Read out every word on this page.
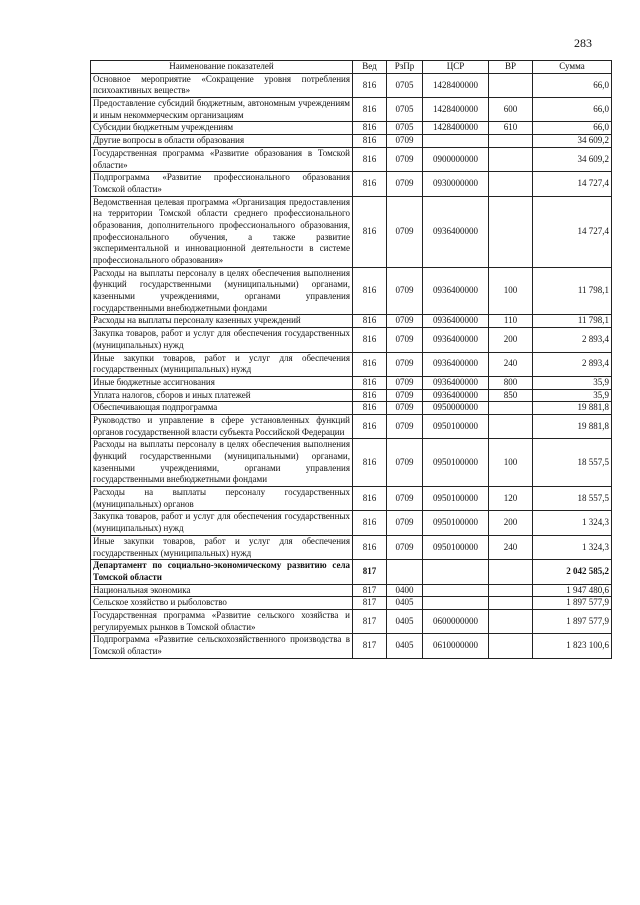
283
Наименование показателей	Вед	РзПр	ЦСР	ВР	Сумма
Основное мероприятие «Сокращение уровня потребления психоактивных веществ»	816	0705	1428400000		66,0
Предоставление субсидий бюджетным, автономным учреждениям и иным некоммерческим организациям	816	0705	1428400000	600	66,0
Субсидии бюджетным учреждениям	816	0705	1428400000	610	66,0
Другие вопросы в области образования	816	0709			34 609,2
Государственная программа «Развитие образования в Томской области»	816	0709	0900000000		34 609,2
Подпрограмма «Развитие профессионального образования Томской области»	816	0709	0930000000		14 727,4
Ведомственная целевая программа «Организация предоставления на территории Томской области среднего профессионального образования, дополнительного профессионального образования, профессионального обучения, а также развитие экспериментальной и инновационной деятельности в системе профессионального образования»	816	0709	0936400000		14 727,4
Расходы на выплаты персоналу в целях обеспечения выполнения функций государственными (муниципальными) органами, казенными учреждениями, органами управления государственными внебюджетными фондами	816	0709	0936400000	100	11 798,1
Расходы на выплаты персоналу казенных учреждений	816	0709	0936400000	110	11 798,1
Закупка товаров, работ и услуг для обеспечения государственных (муниципальных) нужд	816	0709	0936400000	200	2 893,4
Иные закупки товаров, работ и услуг для обеспечения государственных (муниципальных) нужд	816	0709	0936400000	240	2 893,4
Иные бюджетные ассигнования	816	0709	0936400000	800	35,9
Уплата налогов, сборов и иных платежей	816	0709	0936400000	850	35,9
Обеспечивающая подпрограмма	816	0709	0950000000		19 881,8
Руководство и управление в сфере установленных функций органов государственной власти субъекта Российской Федерации	816	0709	0950100000		19 881,8
Расходы на выплаты персоналу в целях обеспечения выполнения функций государственными (муниципальными) органами, казенными учреждениями, органами управления государственными внебюджетными фондами	816	0709	0950100000	100	18 557,5
Расходы на выплаты персоналу государственных (муниципальных) органов	816	0709	0950100000	120	18 557,5
Закупка товаров, работ и услуг для обеспечения государственных (муниципальных) нужд	816	0709	0950100000	200	1 324,3
Иные закупки товаров, работ и услуг для обеспечения государственных (муниципальных) нужд	816	0709	0950100000	240	1 324,3
Департамент по социально-экономическому развитию села Томской области	817				2 042 585,2
Национальная экономика	817	0400			1 947 480,6
Сельское хозяйство и рыболовство	817	0405			1 897 577,9
Государственная программа «Развитие сельского хозяйства и регулируемых рынков в Томской области»	817	0405	0600000000		1 897 577,9
Подпрограмма «Развитие сельскохозяйственного производства в Томской области»	817	0405	0610000000		1 823 100,6
